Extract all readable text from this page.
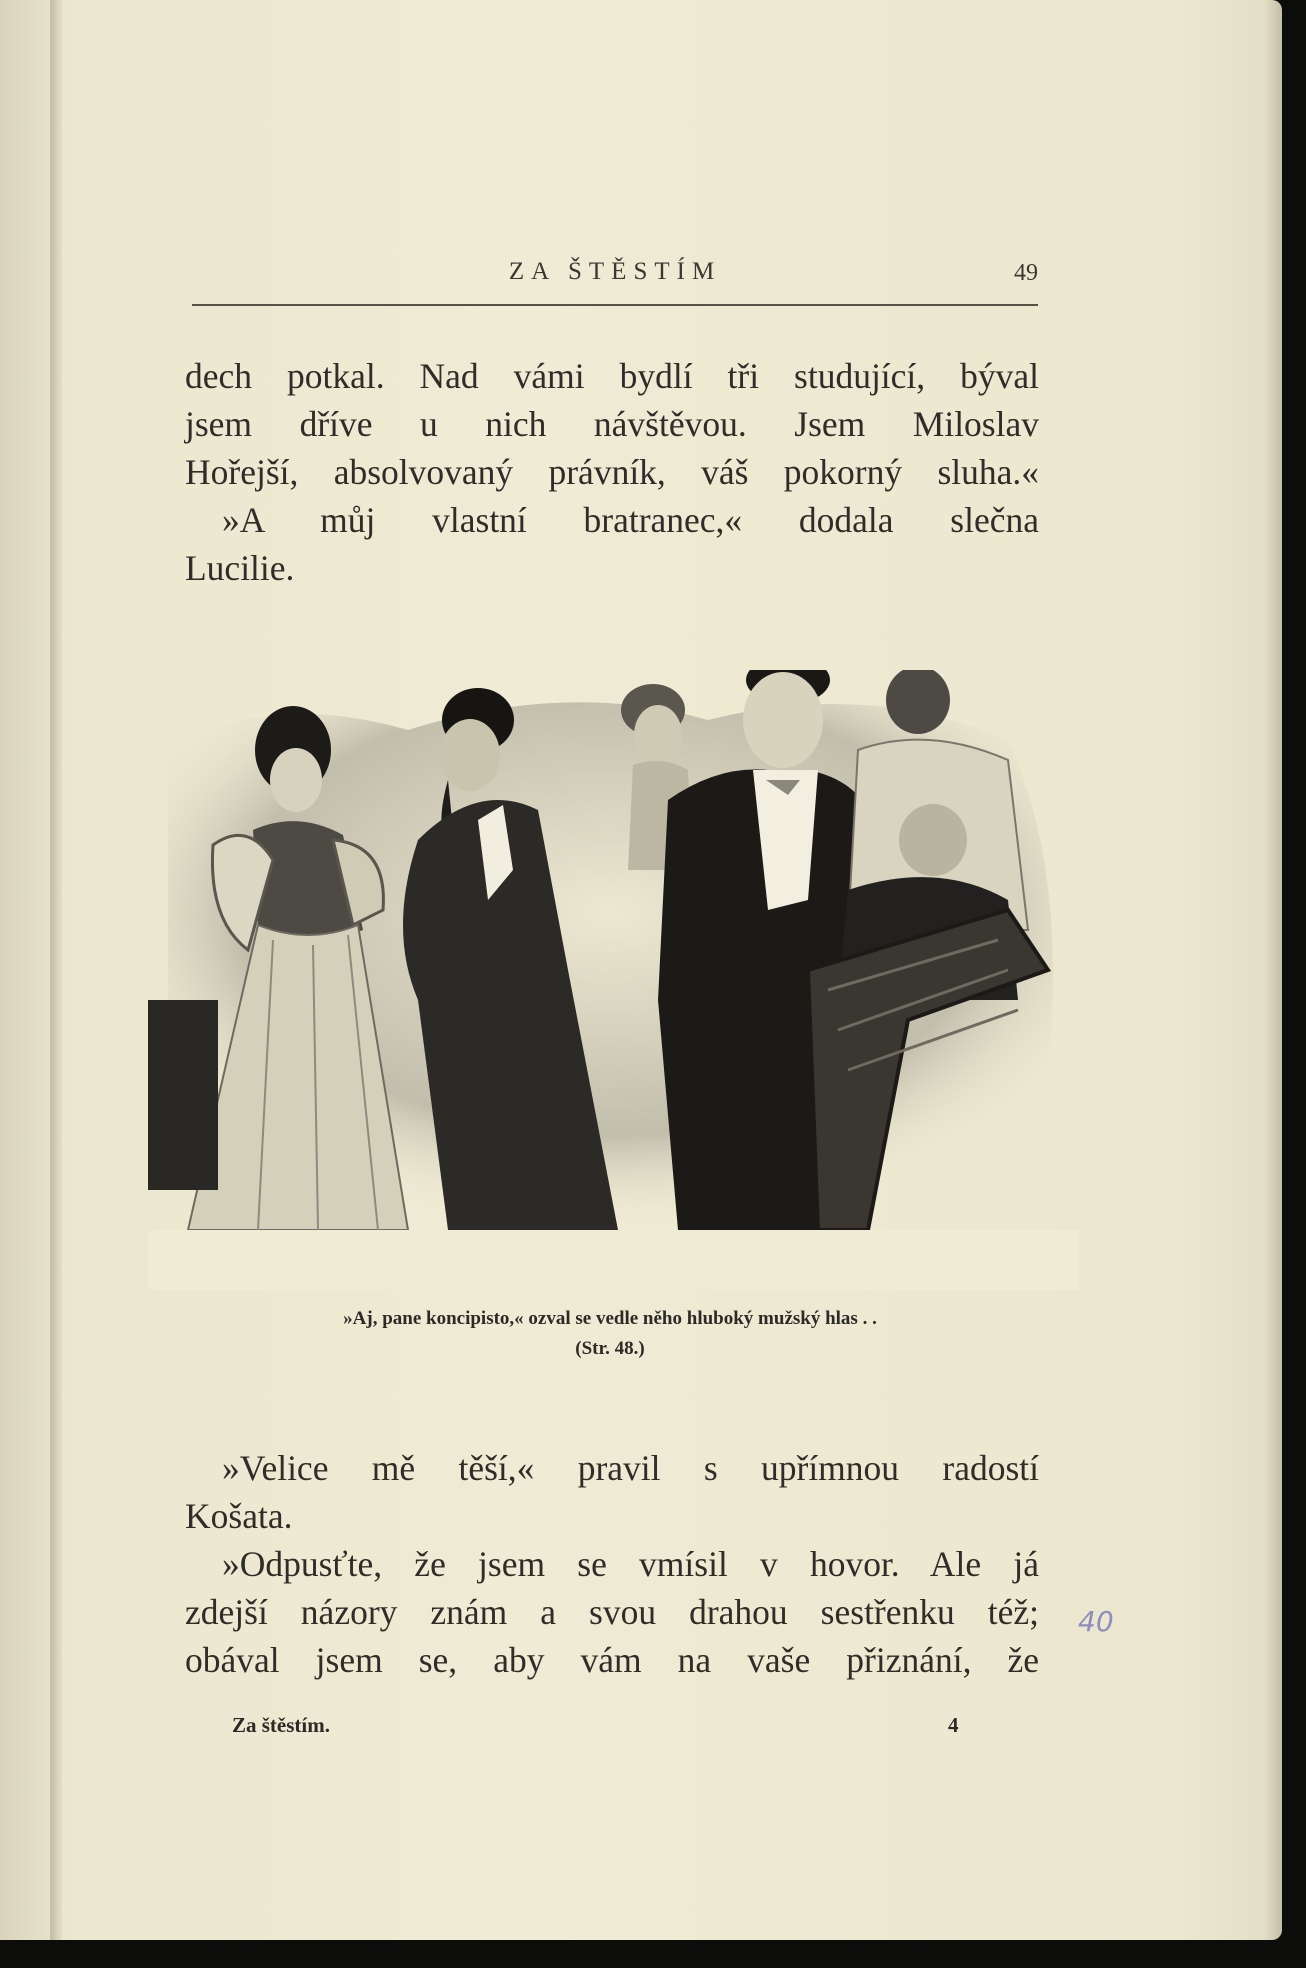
ZA ŠTĚSTÍM	49
dech potkal. Nad vámi bydlí tři studující, býval
jsem dříve u nich návštěvou. Jsem Miloslav
Hořejší, absolvovaný právník, váš pokorný sluha.«
»A můj vlastní bratranec,« dodala slečna
Lucilie.
»Aj, pane koncipisto,« ozval se vedle něho hluboký mužský hlas . .
(Str. 48.)
»Velice mě těší,« pravil s upřímnou radostí
Košata.
»Odpusťte, že jsem se vmísil v hovor. Ale já
zdejší názory znám a svou drahou sestřenku též;
obával jsem se, aby vám na vaše přiznání, že
40
Za štěstím.	4
